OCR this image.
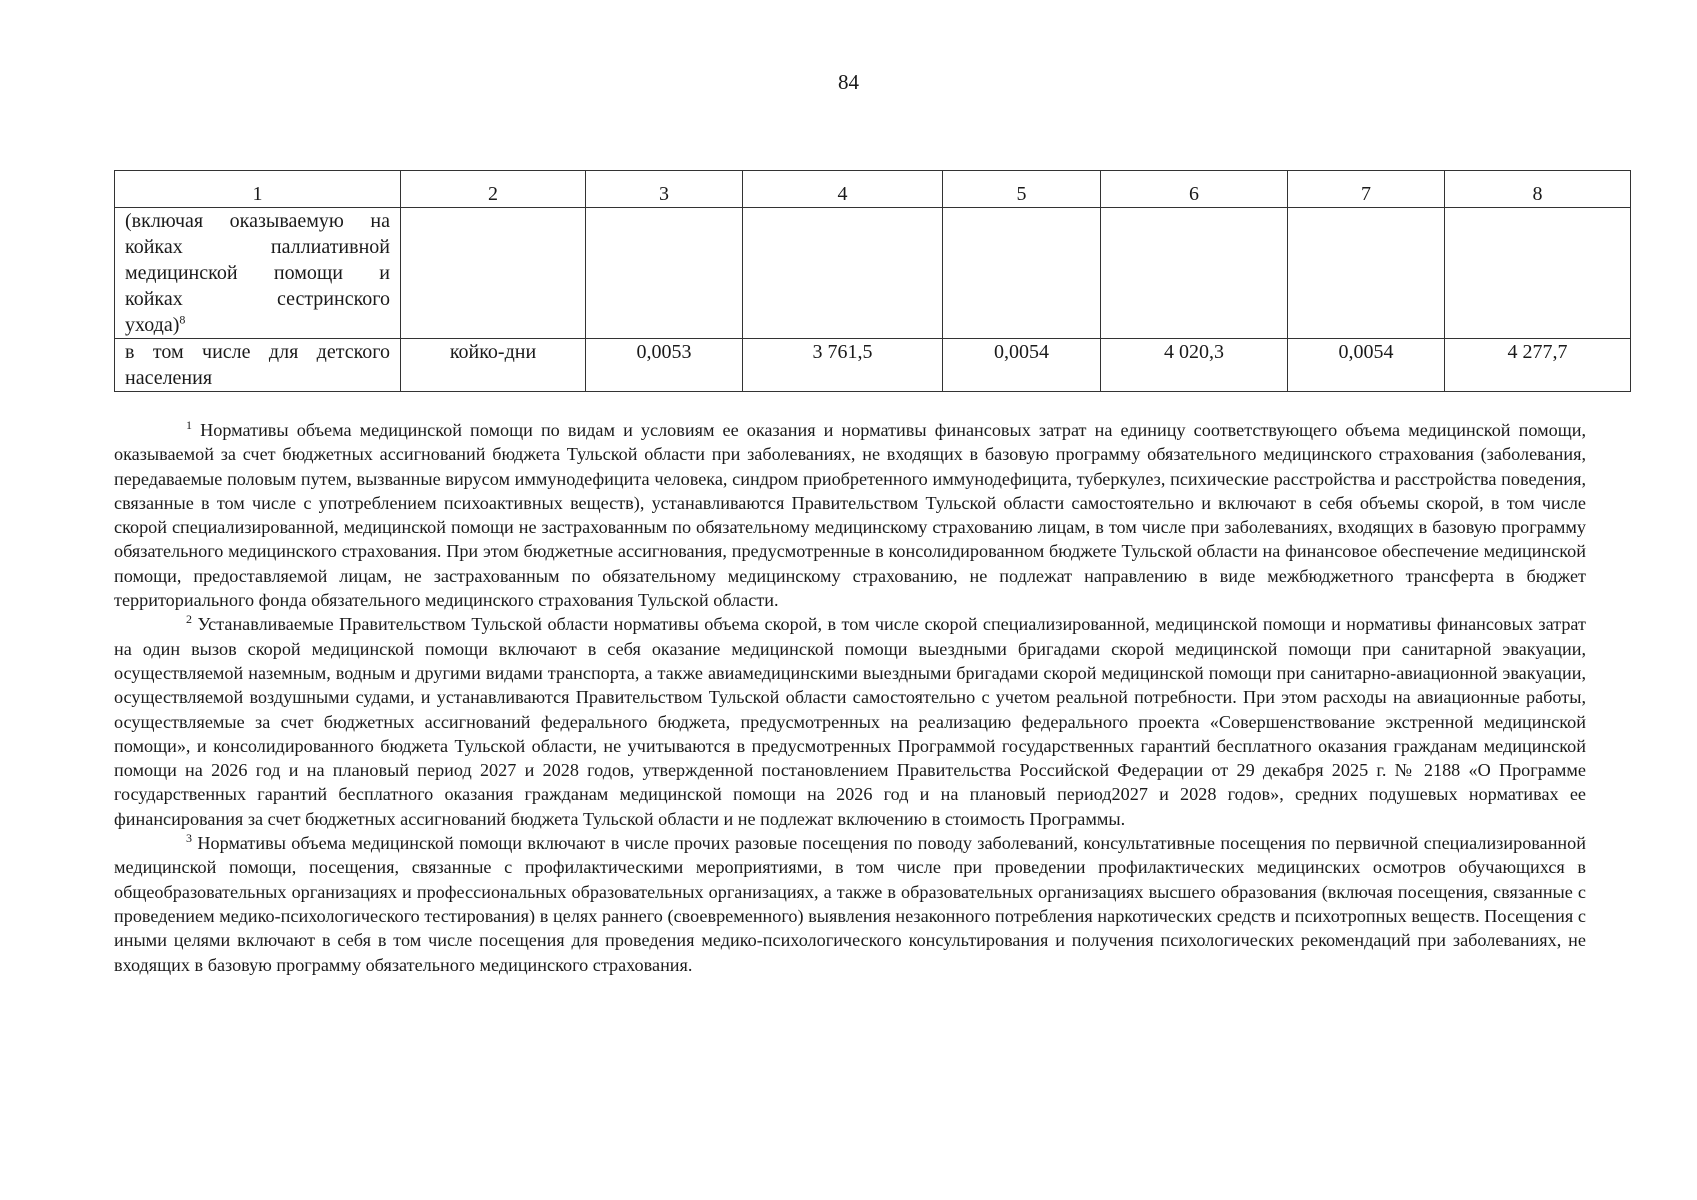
84
1	2	3	4	5	6	7	8

(включая оказываемую на
койках паллиативной
медицинской помощи и
койках сестринского
ухода)$^8$

в том числе для детского
населения	койко-дни	0,0053	3 761,5	0,0054	4 020,3	0,0054	4 277,7

$^1$ Нормативы объема медицинской помощи по видам и условиям ее оказания и нормативы финансовых затрат на единицу соответствующего объема медицинской помощи, оказываемой за счет бюджетных ассигнований бюджета Тульской области при заболеваниях, не входящих в базовую программу обязательного медицинского страхования (заболевания, передаваемые половым путем, вызванные вирусом иммунодефицита человека, синдром приобретенного иммунодефицита, туберкулез, психические расстройства и расстройства поведения, связанные в том числе с употреблением психоактивных веществ), устанавливаются Правительством Тульской области самостоятельно и включают в себя объемы скорой, в том числе скорой специализированной, медицинской помощи не застрахованным по обязательному медицинскому страхованию лицам, в том числе при заболеваниях, входящих в базовую программу обязательного медицинского страхования. При этом бюджетные ассигнования, предусмотренные в консолидированном бюджете Тульской области на финансовое обеспечение медицинской помощи, предоставляемой лицам, не застрахованным по обязательному медицинскому страхованию, не подлежат направлению в виде межбюджетного трансферта в бюджет территориального фонда обязательного медицинского страхования Тульской области.

$^2$ Устанавливаемые Правительством Тульской области нормативы объема скорой, в том числе скорой специализированной, медицинской помощи и нормативы финансовых затрат на один вызов скорой медицинской помощи включают в себя оказание медицинской помощи выездными бригадами скорой медицинской помощи при санитарной эвакуации, осуществляемой наземным, водным и другими видами транспорта, а также авиамедицинскими выездными бригадами скорой медицинской помощи при санитарно-авиационной эвакуации, осуществляемой воздушными судами, и устанавливаются Правительством Тульской области самостоятельно с учетом реальной потребности. При этом расходы на авиационные работы, осуществляемые за счет бюджетных ассигнований федерального бюджета, предусмотренных на реализацию федерального проекта «Совершенствование экстренной медицинской помощи», и консолидированного бюджета Тульской области, не учитываются в предусмотренных Программой государственных гарантий бесплатного оказания гражданам медицинской помощи на 2026 год и на плановый период 2027 и 2028 годов, утвержденной постановлением Правительства Российской Федерации от 29 декабря 2025 г. № 2188 «О Программе государственных гарантий бесплатного оказания гражданам медицинской помощи на 2026 год и на плановый период2027 и 2028 годов», средних подушевых нормативах ее финансирования за счет бюджетных ассигнований бюджета Тульской области и не подлежат включению в стоимость Программы.

$^3$ Нормативы объема медицинской помощи включают в числе прочих разовые посещения по поводу заболеваний, консультативные посещения по первичной специализированной медицинской помощи, посещения, связанные с профилактическими мероприятиями, в том числе при проведении профилактических медицинских осмотров обучающихся в общеобразовательных организациях и профессиональных образовательных организациях, а также в образовательных организациях высшего образования (включая посещения, связанные с проведением медико-психологического тестирования) в целях раннего (своевременного) выявления незаконного потребления наркотических средств и психотропных веществ. Посещения с иными целями включают в себя в том числе посещения для проведения медико-психологического консультирования и получения психологических рекомендаций при заболеваниях, не входящих в базовую программу обязательного медицинского страхования.
